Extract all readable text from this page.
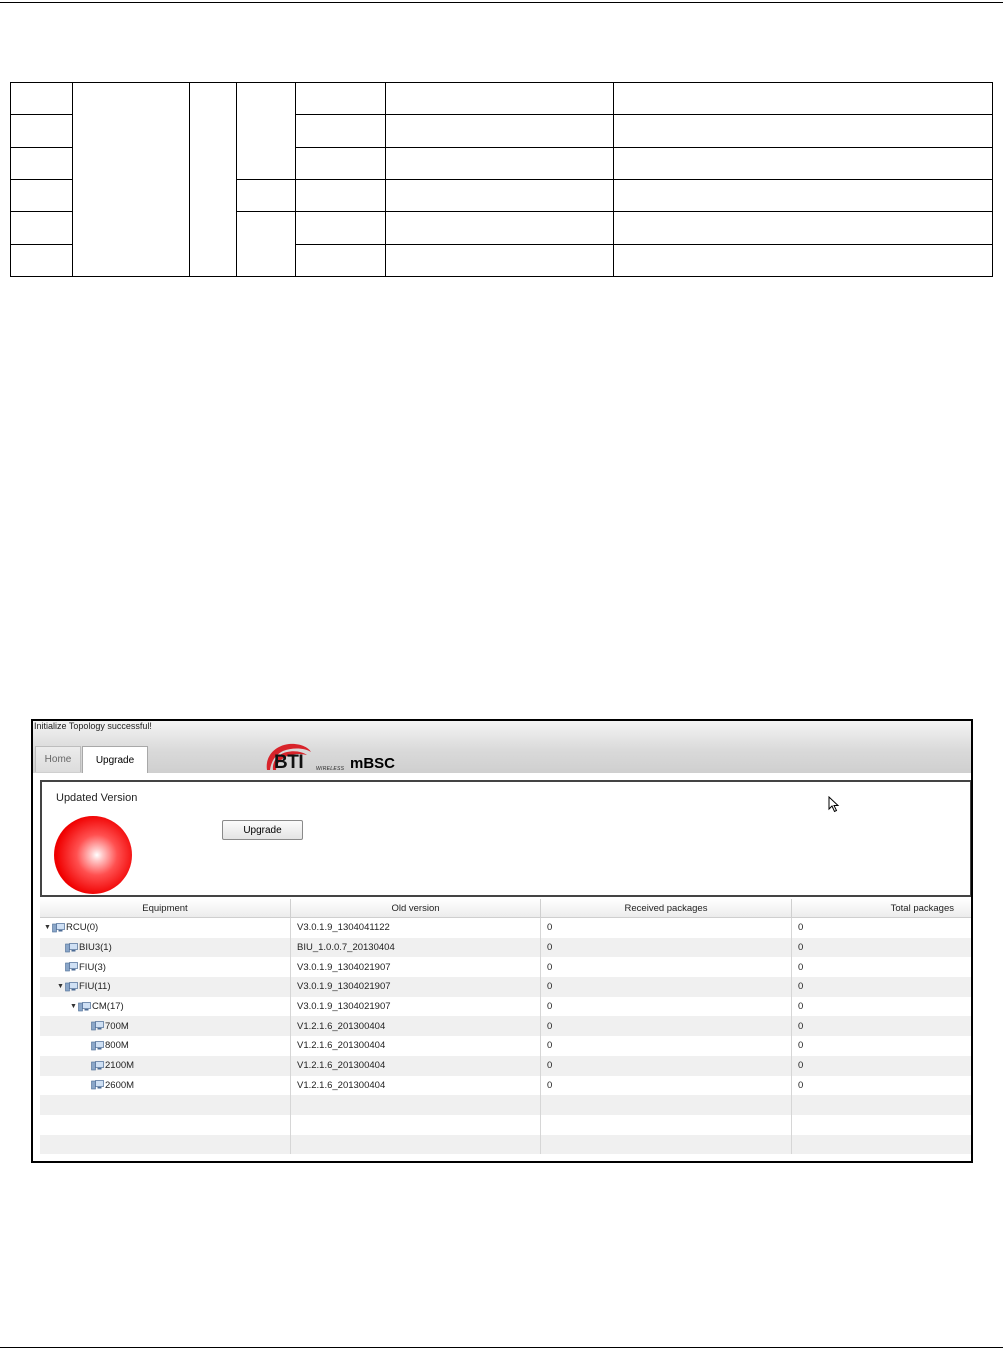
Initialize Topology successful!
Home	Upgrade	BTI	WIRELESS mBSC
Updated Version
Upgrade
Equipment	Old version	Received packages	Total packages
▼ RCU(0)	V3.0.1.9_1304041122	0	0
BIU3(1)	BIU_1.0.0.7_20130404	0	0
FIU(3)	V3.0.1.9_1304021907	0	0
▼ FIU(11)	V3.0.1.9_1304021907	0	0
▼ CM(17)	V3.0.1.9_1304021907	0	0
700M	V1.2.1.6_201300404	0	0
800M	V1.2.1.6_201300404	0	0
2100M	V1.2.1.6_201300404	0	0
2600M	V1.2.1.6_201300404	0	0
